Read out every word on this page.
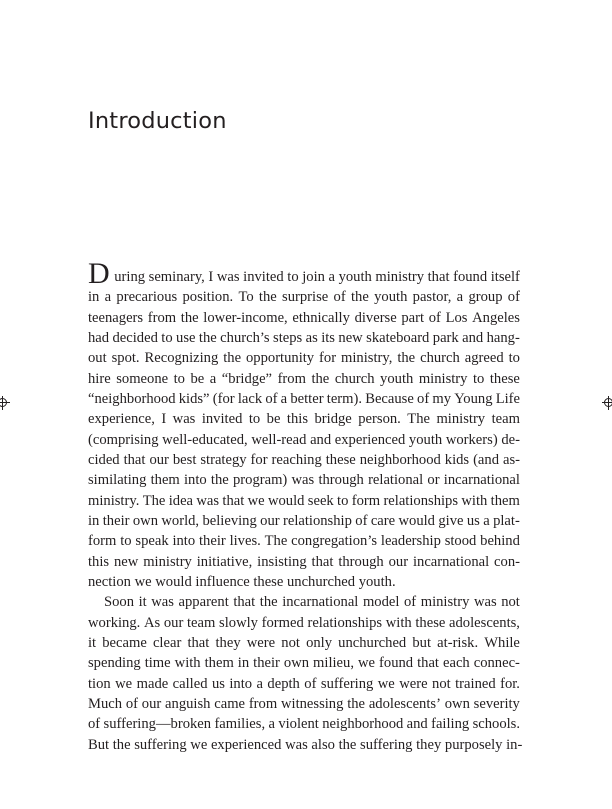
Introduction
D uring seminary, I was invited to join a youth ministry that found itself
in a precarious position. To the surprise of the youth pastor, a group of
teenagers from the lower-income, ethnically diverse part of Los Angeles
had decided to use the church’s steps as its new skateboard park and hang-
out spot. Recognizing the opportunity for ministry, the church agreed to
hire someone to be a “bridge” from the church youth ministry to these
“neighborhood kids” (for lack of a better term). Because of my Young Life
experience, I was invited to be this bridge person. The ministry team
(comprising well-educated, well-read and experienced youth workers) de-
cided that our best strategy for reaching these neighborhood kids (and as-
similating them into the program) was through relational or incarnational
ministry. The idea was that we would seek to form relationships with them
in their own world, believing our relationship of care would give us a plat-
form to speak into their lives. The congregation’s leadership stood behind
this new ministry initiative, insisting that through our incarnational con-
nection we would influence these unchurched youth.
Soon it was apparent that the incarnational model of ministry was not
working. As our team slowly formed relationships with these adolescents,
it became clear that they were not only unchurched but at-risk. While
spending time with them in their own milieu, we found that each connec-
tion we made called us into a depth of suffering we were not trained for.
Much of our anguish came from witnessing the adolescents’ own severity
of suffering—broken families, a violent neighborhood and failing schools.
But the suffering we experienced was also the suffering they purposely in-
